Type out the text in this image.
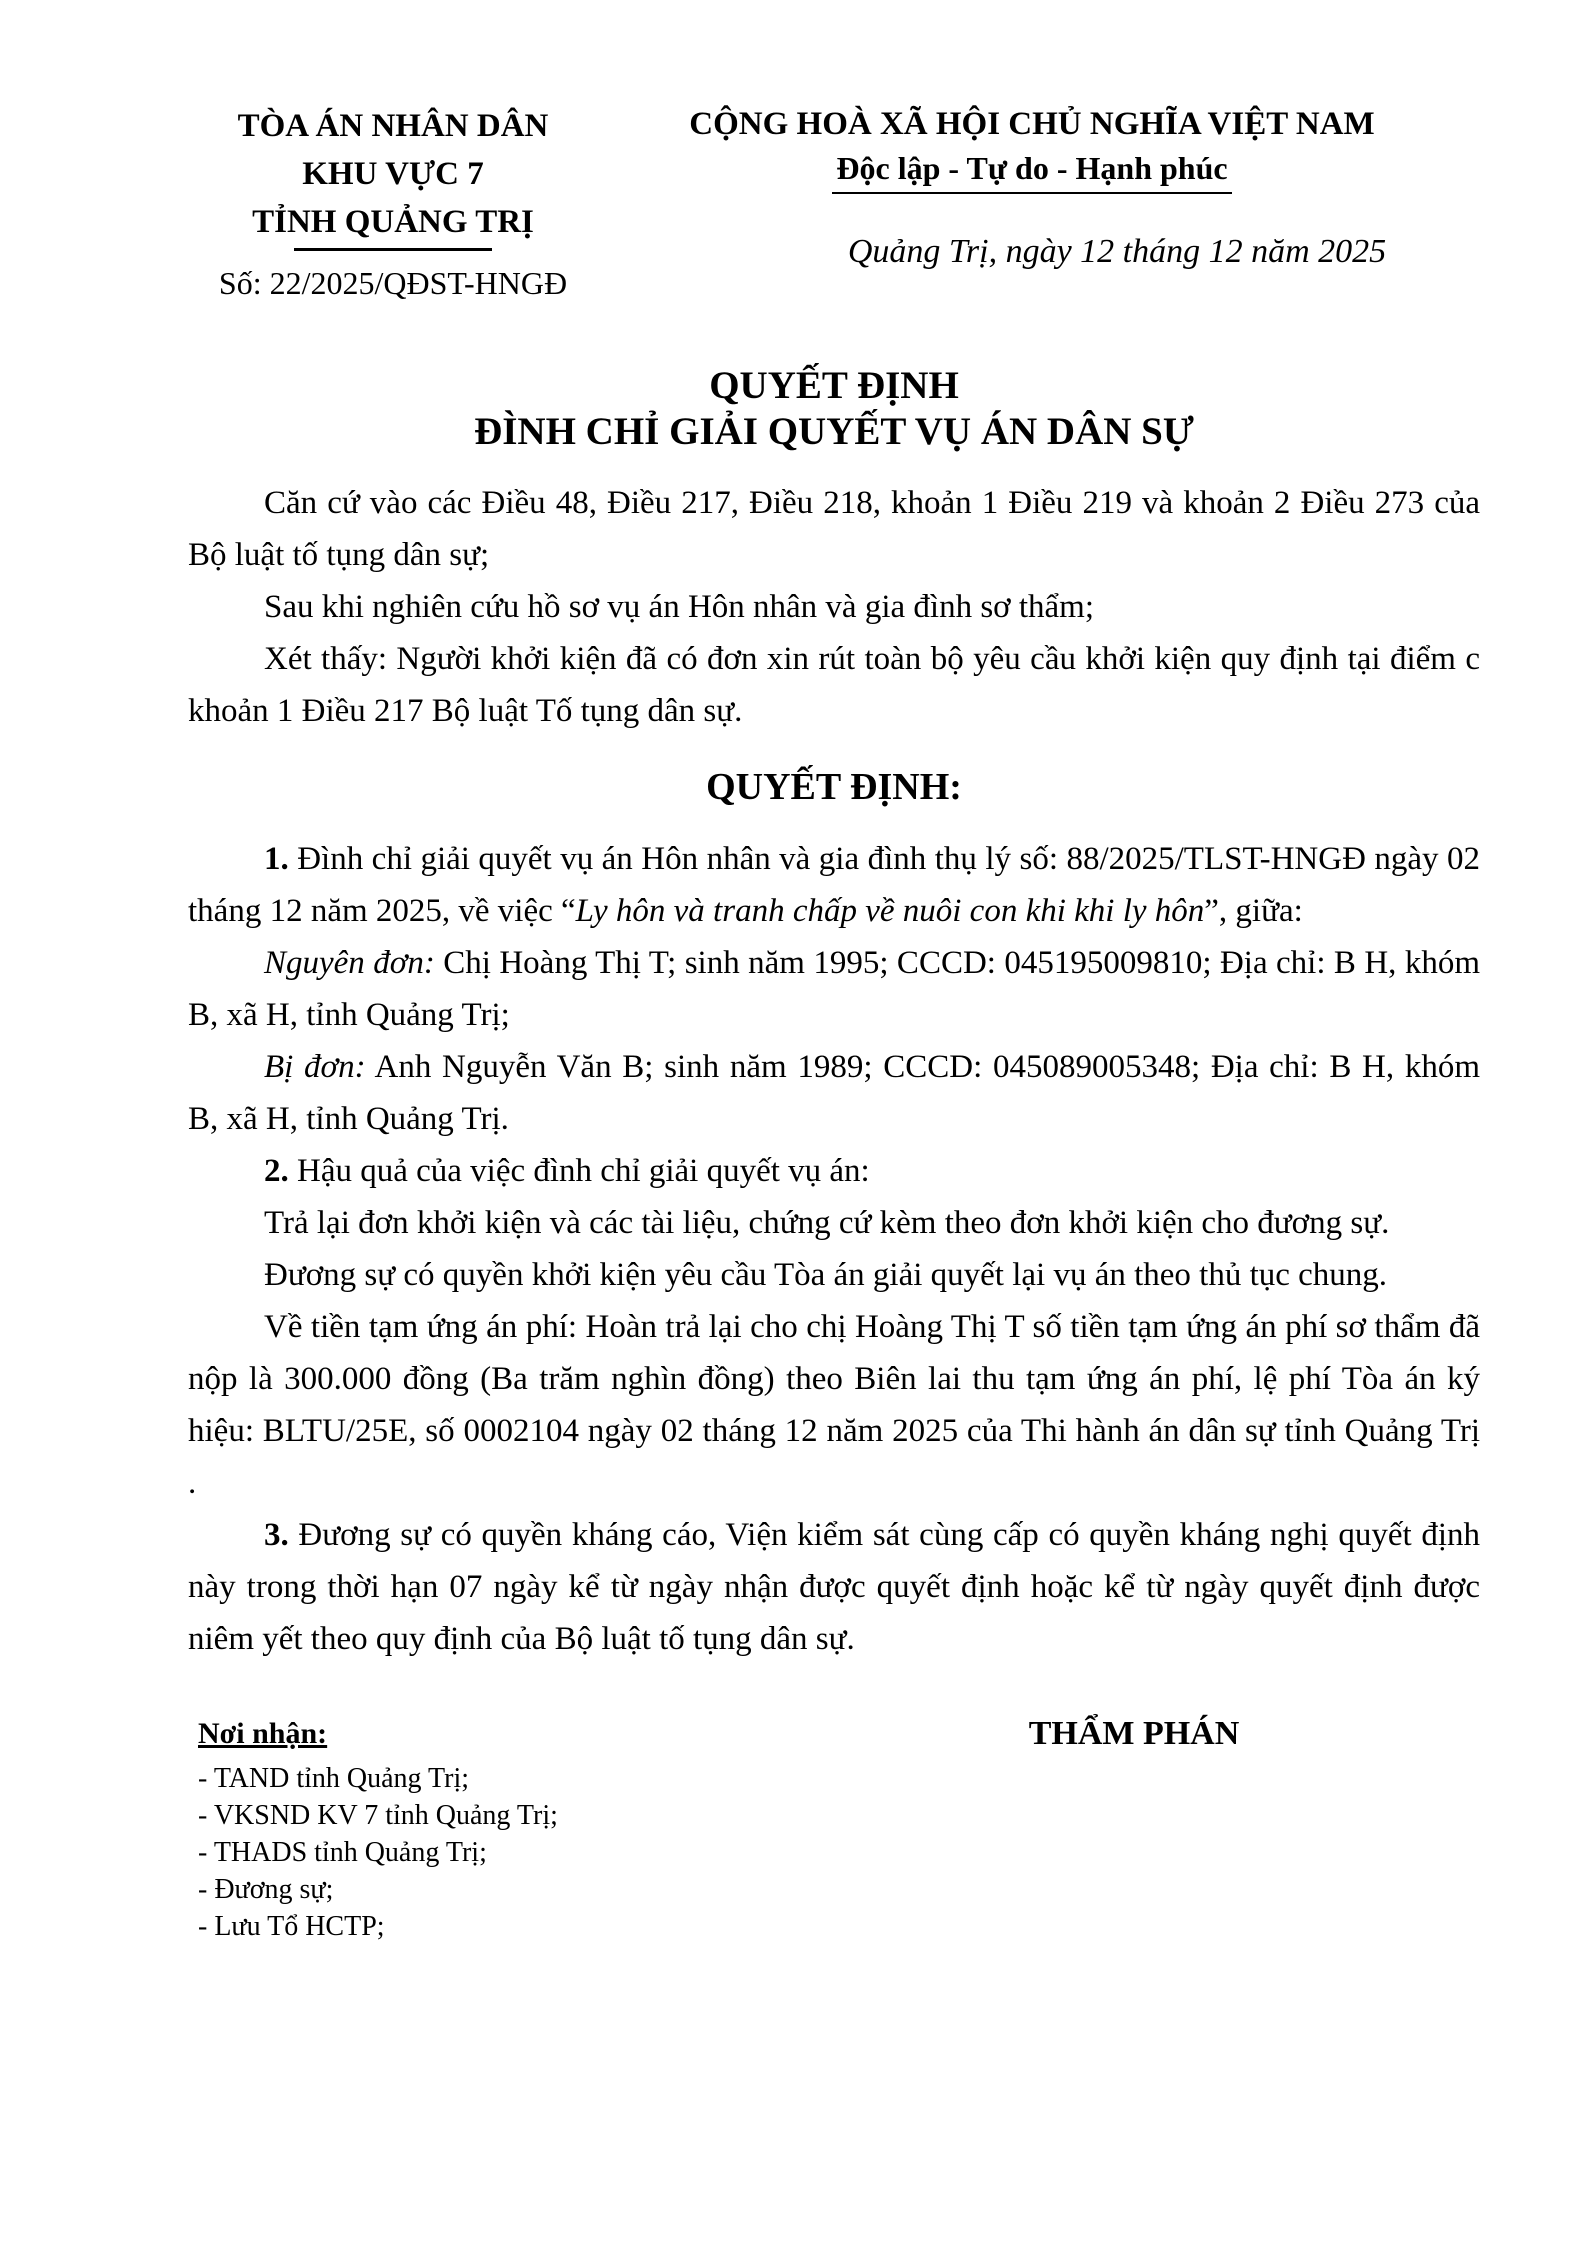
TÒA ÁN NHÂN DÂN
KHU VỰC 7
TỈNH QUẢNG TRỊ
Số: 22/2025/QĐST-HNGĐ
CỘNG HOÀ XÃ HỘI CHỦ NGHĨA VIỆT NAM
Độc lập - Tự do - Hạnh phúc
Quảng Trị, ngày 12 tháng 12 năm 2025
QUYẾT ĐỊNH
ĐÌNH CHỈ GIẢI QUYẾT VỤ ÁN DÂN SỰ

Căn cứ vào các Điều 48, Điều 217, Điều 218, khoản 1 Điều 219 và khoản 2 Điều 273 của Bộ luật tố tụng dân sự;

Sau khi nghiên cứu hồ sơ vụ án Hôn nhân và gia đình sơ thẩm;

Xét thấy: Người khởi kiện đã có đơn xin rút toàn bộ yêu cầu khởi kiện quy định tại điểm c khoản 1 Điều 217 Bộ luật Tố tụng dân sự.

QUYẾT ĐỊNH:

1. Đình chỉ giải quyết vụ án Hôn nhân và gia đình thụ lý số: 88/2025/TLST-HNGĐ ngày 02 tháng 12 năm 2025, về việc “Ly hôn và tranh chấp về nuôi con khi khi ly hôn”, giữa:

Nguyên đơn: Chị Hoàng Thị T; sinh năm 1995; CCCD: 045195009810; Địa chỉ: B H, khóm B, xã H, tỉnh Quảng Trị;

Bị đơn: Anh Nguyễn Văn B; sinh năm 1989; CCCD: 045089005348; Địa chỉ: B H, khóm B, xã H, tỉnh Quảng Trị.

2. Hậu quả của việc đình chỉ giải quyết vụ án:

Trả lại đơn khởi kiện và các tài liệu, chứng cứ kèm theo đơn khởi kiện cho đương sự.

Đương sự có quyền khởi kiện yêu cầu Tòa án giải quyết lại vụ án theo thủ tục chung.

Về tiền tạm ứng án phí: Hoàn trả lại cho chị Hoàng Thị T số tiền tạm ứng án phí sơ thẩm đã nộp là 300.000 đồng (Ba trăm nghìn đồng) theo Biên lai thu tạm ứng án phí, lệ phí Tòa án ký hiệu: BLTU/25E, số 0002104 ngày 02 tháng 12 năm 2025 của Thi hành án dân sự tỉnh Quảng Trị .

3. Đương sự có quyền kháng cáo, Viện kiểm sát cùng cấp có quyền kháng nghị quyết định này trong thời hạn 07 ngày kể từ ngày nhận được quyết định hoặc kể từ ngày quyết định được niêm yết theo quy định của Bộ luật tố tụng dân sự.

Nơi nhận:
- TAND tỉnh Quảng Trị;
- VKSND KV 7 tỉnh Quảng Trị;
- THADS tỉnh Quảng Trị;
- Đương sự;
- Lưu Tổ HCTP;
THẨM PHÁN
